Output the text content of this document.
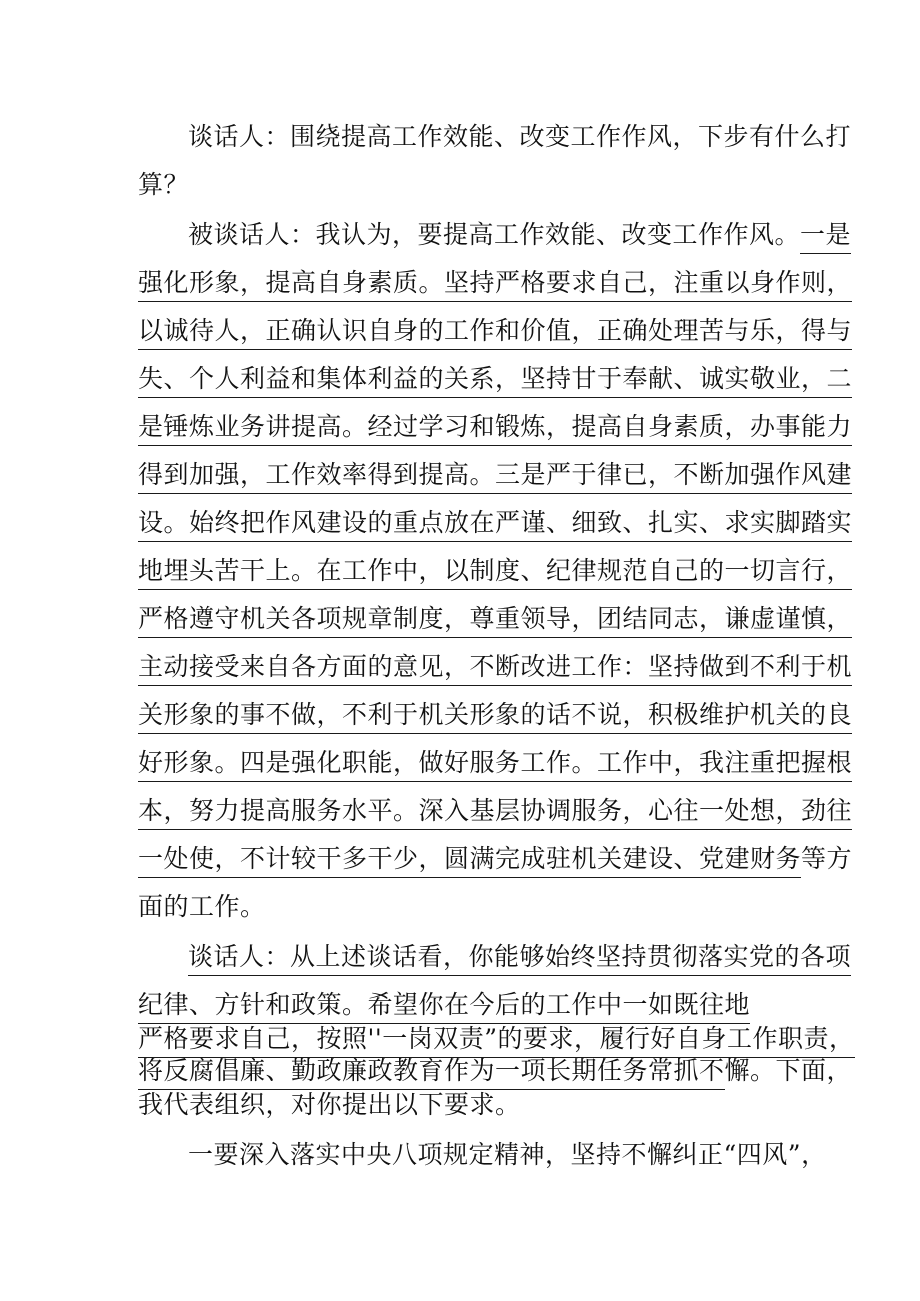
谈话人：围绕提高工作效能、改变工作作风，下步有什么打
算？
被谈话人：我认为，要提高工作效能、改变工作作风。一是
强化形象，提高自身素质。坚持严格要求自己，注重以身作则，
以诚待人，正确认识自身的工作和价值，正确处理苦与乐，得与
失、个人利益和集体利益的关系，坚持甘于奉献、诚实敬业，二
是锤炼业务讲提高。经过学习和锻炼，提高自身素质，办事能力
得到加强，工作效率得到提高。三是严于律已，不断加强作风建
设。始终把作风建设的重点放在严谨、细致、扎实、求实脚踏实
地埋头苦干上。在工作中，以制度、纪律规范自己的一切言行，
严格遵守机关各项规章制度，尊重领导，团结同志，谦虚谨慎，
主动接受来自各方面的意见，不断改进工作：坚持做到不利于机
关形象的事不做，不利于机关形象的话不说，积极维护机关的良
好形象。四是强化职能，做好服务工作。工作中，我注重把握根
本，努力提高服务水平。深入基层协调服务，心往一处想，劲往
一处使，不计较干多干少，圆满完成驻机关建设、党建财务等方
面的工作。
谈话人：从上述谈话看，你能够始终坚持贯彻落实党的各项
纪律、方针和政策。希望你在今后的工作中一如既往地
严格要求自己，按照''一岗双责”的要求，履行好自身工作职责，
将反腐倡廉、勤政廉政教育作为一项长期任务常抓不懈。下面，
我代表组织，对你提出以下要求。
一要深入落实中央八项规定精神，坚持不懈纠正“四风”，
